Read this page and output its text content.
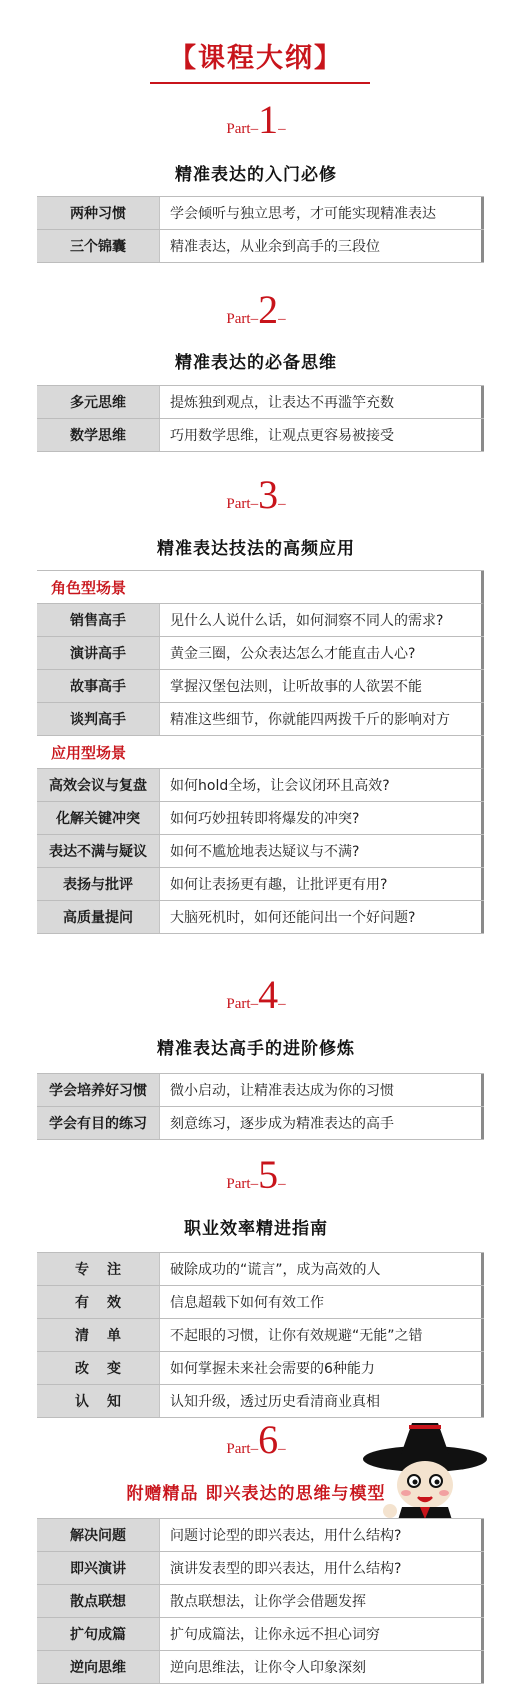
【课程大纲】
Part–1–
精准表达的入门必修
两种习惯	学会倾听与独立思考，才可能实现精准表达
三个锦囊	精准表达，从业余到高手的三段位
Part–2–
精准表达的必备思维
多元思维	提炼独到观点，让表达不再滥竽充数
数学思维	巧用数学思维，让观点更容易被接受
Part–3–
精准表达技法的高频应用
角色型场景
销售高手	见什么人说什么话，如何洞察不同人的需求?
演讲高手	黄金三圈，公众表达怎么才能直击人心?
故事高手	掌握汉堡包法则，让听故事的人欲罢不能
谈判高手	精准这些细节，你就能四两拨千斤的影响对方
应用型场景
高效会议与复盘	如何hold全场，让会议闭环且高效?
化解关键冲突	如何巧妙扭转即将爆发的冲突?
表达不满与疑议	如何不尴尬地表达疑议与不满?
表扬与批评	如何让表扬更有趣，让批评更有用?
高质量提问	大脑死机时，如何还能问出一个好问题?
Part–4–
精准表达高手的进阶修炼
学会培养好习惯	微小启动，让精准表达成为你的习惯
学会有目的练习	刻意练习，逐步成为精准表达的高手
Part–5–
职业效率精进指南
专注	破除成功的“谎言”，成为高效的人
有效	信息超载下如何有效工作
清单	不起眼的习惯，让你有效规避“无能”之错
改变	如何掌握未来社会需要的6种能力
认知	认知升级，透过历史看清商业真相
Part–6–
附赠精品 即兴表达的思维与模型
解决问题	问题讨论型的即兴表达，用什么结构?
即兴演讲	演讲发表型的即兴表达，用什么结构?
散点联想	散点联想法，让你学会借题发挥
扩句成篇	扩句成篇法，让你永远不担心词穷
逆向思维	逆向思维法，让你令人印象深刻
